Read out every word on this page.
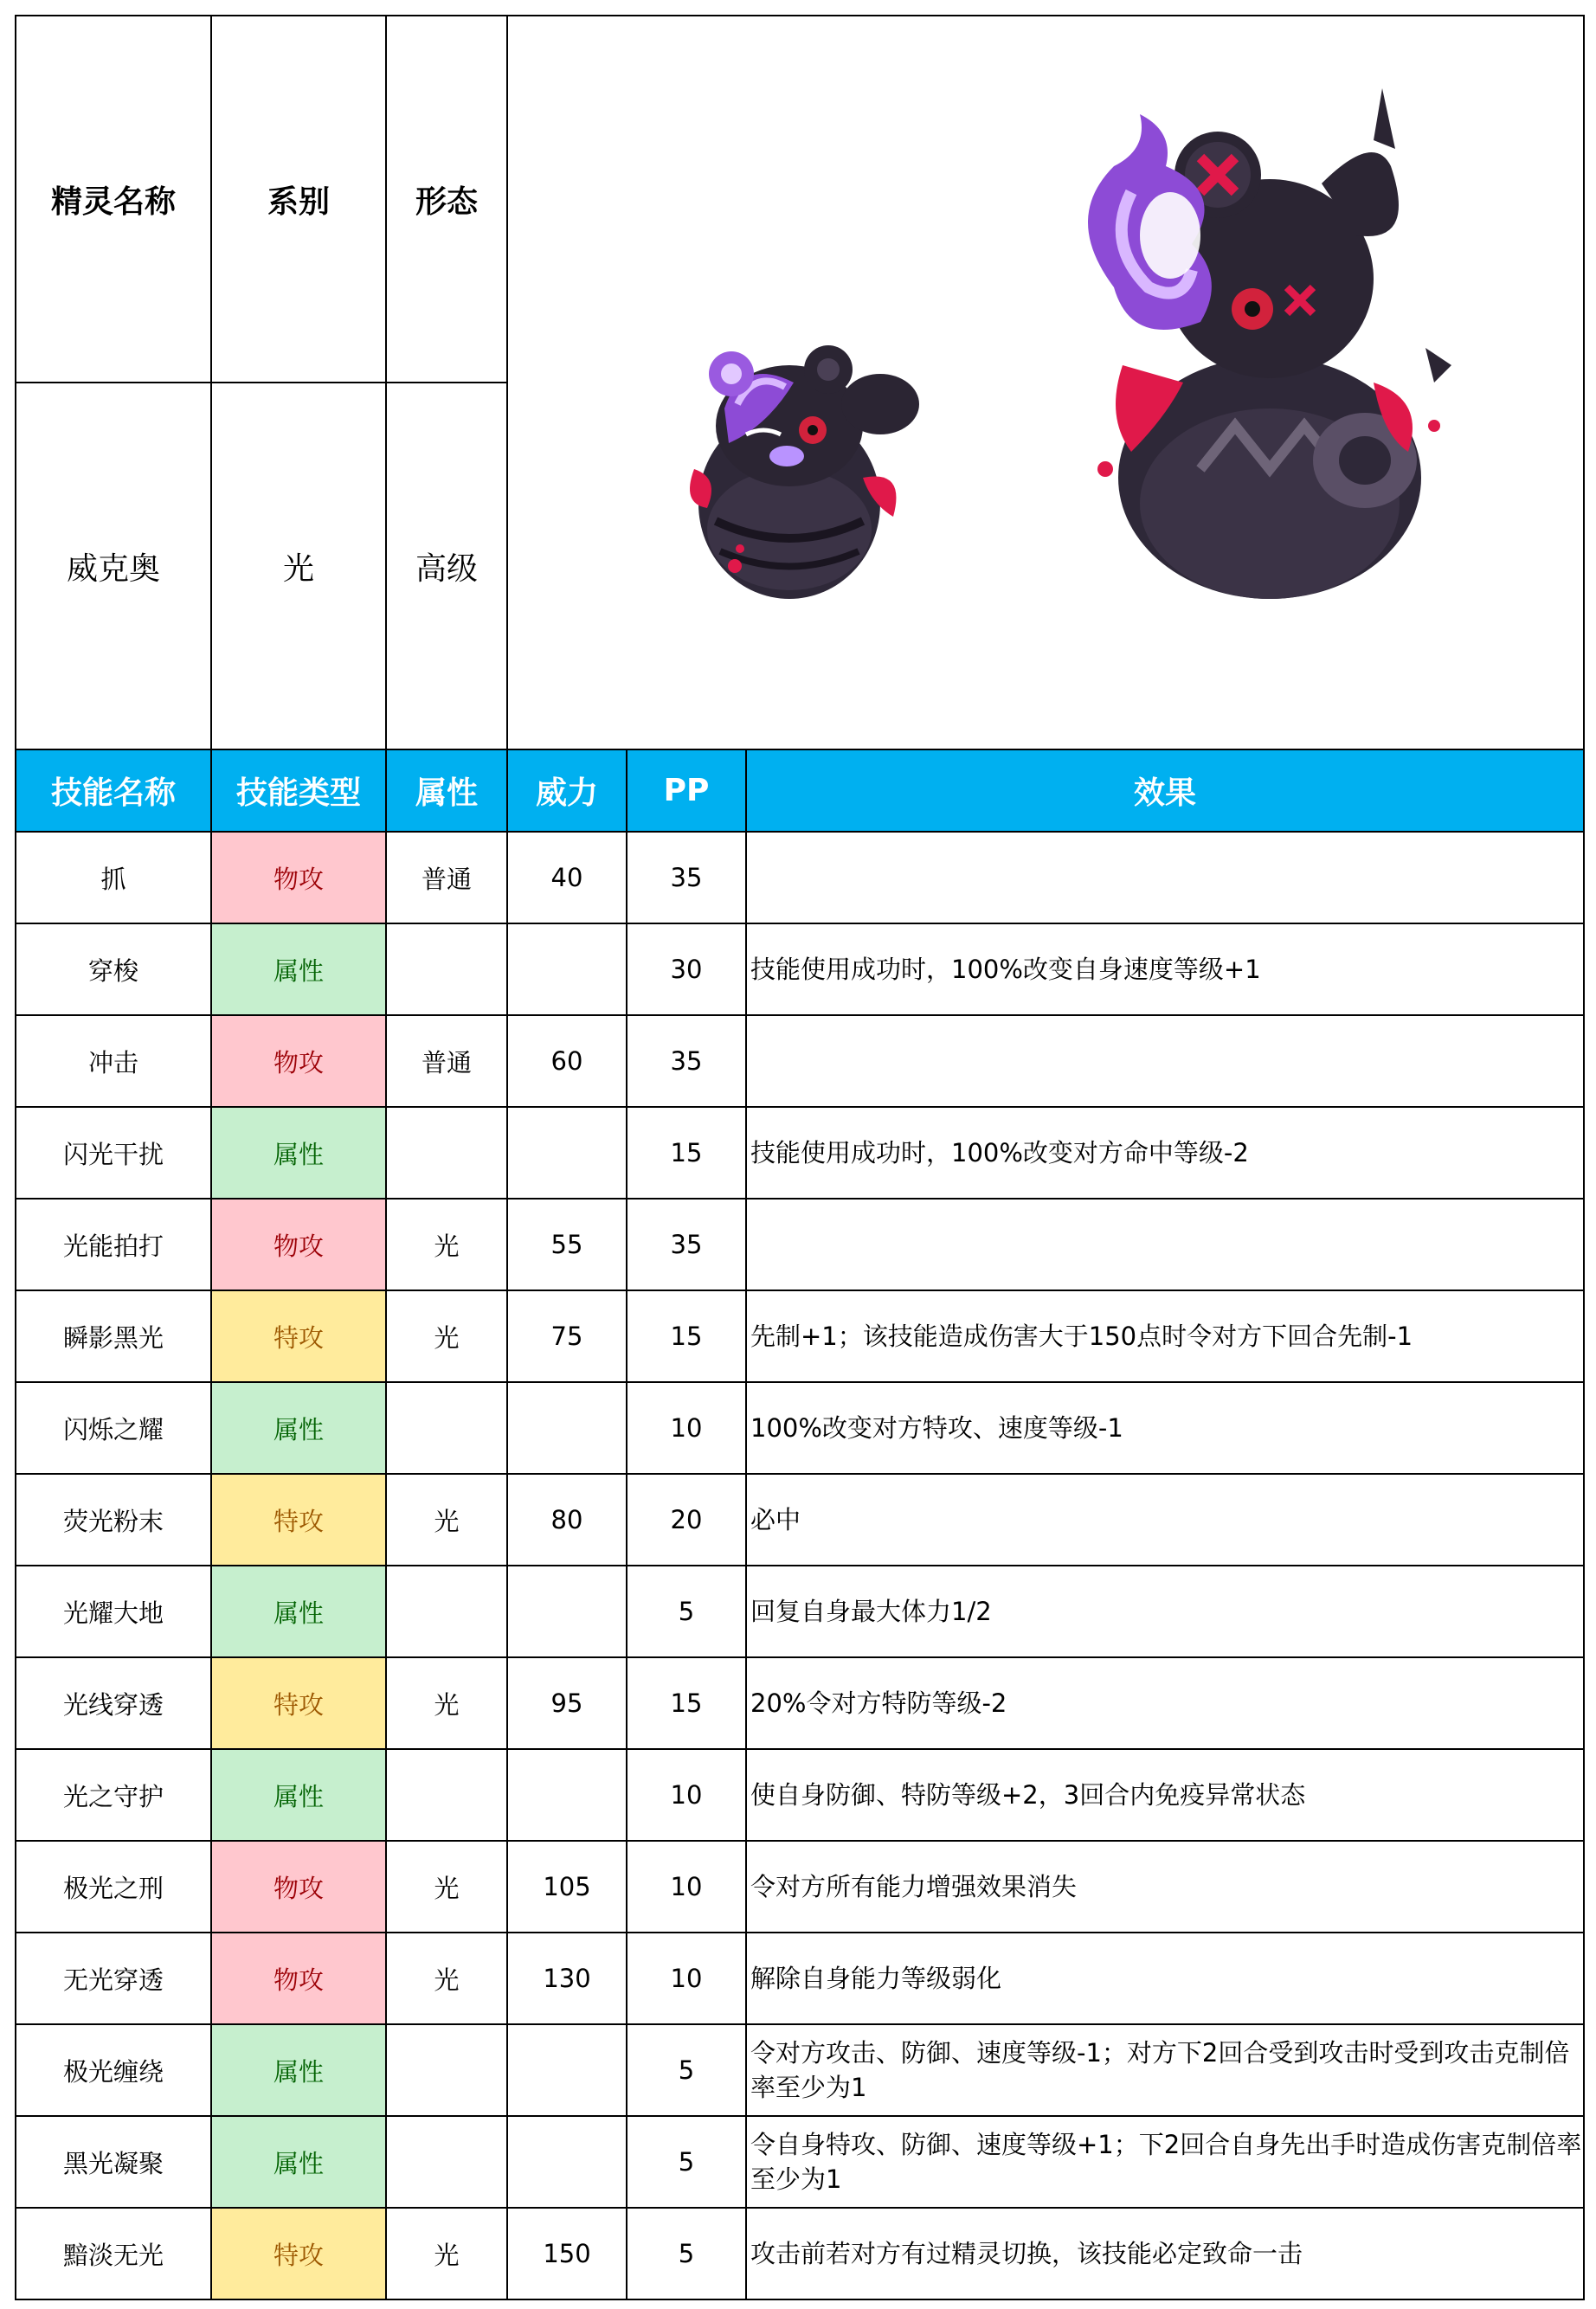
精灵名称	系别	形态	

威克奥	光	高级			
技能名称	技能类型	属性	威力	PP	效果
抓	物攻	普通	40	35	
穿梭	属性			30	技能使用成功时，100%改变自身速度等级+1
冲击	物攻	普通	60	35	
闪光干扰	属性			15	技能使用成功时，100%改变对方命中等级-2
光能拍打	物攻	光	55	35	
瞬影黑光	特攻	光	75	15	先制+1；该技能造成伤害大于150点时令对方下回合先制-1
闪烁之耀	属性			10	100%改变对方特攻、速度等级-1
荧光粉末	特攻	光	80	20	必中
光耀大地	属性			5	回复自身最大体力1/2
光线穿透	特攻	光	95	15	20%令对方特防等级-2
光之守护	属性			10	使自身防御、特防等级+2，3回合内免疫异常状态
极光之刑	物攻	光	105	10	令对方所有能力增强效果消失
无光穿透	物攻	光	130	10	解除自身能力等级弱化
极光缠绕	属性			5	令对方攻击、防御、速度等级-1；对方下2回合受到攻击时受到攻击克制倍率至少为1
黑光凝聚	属性			5	令自身特攻、防御、速度等级+1；下2回合自身先出手时造成伤害克制倍率至少为1
黯淡无光	特攻	光	150	5	攻击前若对方有过精灵切换，该技能必定致命一击
